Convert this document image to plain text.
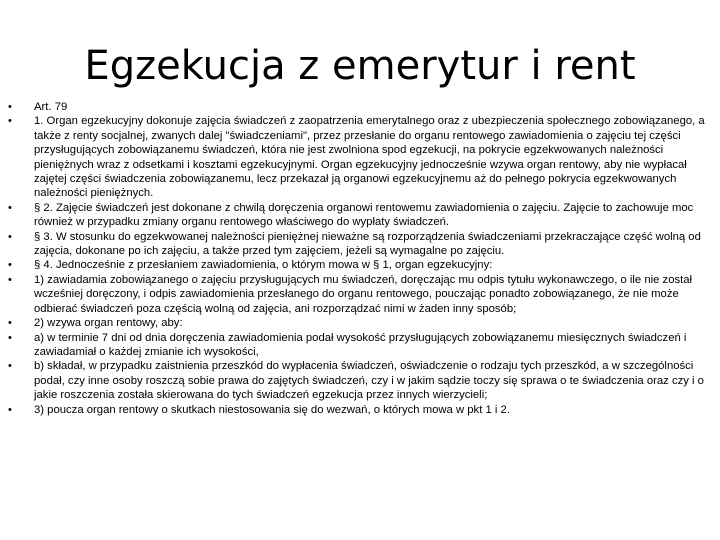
Egzekucja z emerytur i rent
• Art. 79
• 1. Organ egzekucyjny dokonuje zajęcia świadczeń z zaopatrzenia emerytalnego oraz z ubezpieczenia społecznego zobowiązanego, a także z renty socjalnej, zwanych dalej "świadczeniami", przez przesłanie do organu rentowego zawiadomienia o zajęciu tej części przysługujących zobowiązanemu świadczeń, która nie jest zwolniona spod egzekucji, na pokrycie egzekwowanych należności pieniężnych wraz z odsetkami i kosztami egzekucyjnymi. Organ egzekucyjny jednocześnie wzywa organ rentowy, aby nie wypłacał zajętej części świadczenia zobowiązanemu, lecz przekazał ją organowi egzekucyjnemu aż do pełnego pokrycia egzekwowanych należności pieniężnych.
• § 2. Zajęcie świadczeń jest dokonane z chwilą doręczenia organowi rentowemu zawiadomienia o zajęciu. Zajęcie to zachowuje moc również w przypadku zmiany organu rentowego właściwego do wypłaty świadczeń.
• § 3. W stosunku do egzekwowanej należności pieniężnej nieważne są rozporządzenia świadczeniami przekraczające część wolną od zajęcia, dokonane po ich zajęciu, a także przed tym zajęciem, jeżeli są wymagalne po zajęciu.
• § 4. Jednocześnie z przesłaniem zawiadomienia, o którym mowa w § 1, organ egzekucyjny:
• 1) zawiadamia zobowiązanego o zajęciu przysługujących mu świadczeń, doręczając mu odpis tytułu wykonawczego, o ile nie został wcześniej doręczony, i odpis zawiadomienia przesłanego do organu rentowego, pouczając ponadto zobowiązanego, że nie może odbierać świadczeń poza częścią wolną od zajęcia, ani rozporządzać nimi w żaden inny sposób;
• 2) wzywa organ rentowy, aby:
• a) w terminie 7 dni od dnia doręczenia zawiadomienia podał wysokość przysługujących zobowiązanemu miesięcznych świadczeń i zawiadamiał o każdej zmianie ich wysokości,
• b) składał, w przypadku zaistnienia przeszkód do wypłacenia świadczeń, oświadczenie o rodzaju tych przeszkód, a w szczególności podał, czy inne osoby roszczą sobie prawa do zajętych świadczeń, czy i w jakim sądzie toczy się sprawa o te świadczenia oraz czy i o jakie roszczenia została skierowana do tych świadczeń egzekucja przez innych wierzycieli;
• 3) poucza organ rentowy o skutkach niestosowania się do wezwań, o których mowa w pkt 1 i 2.
